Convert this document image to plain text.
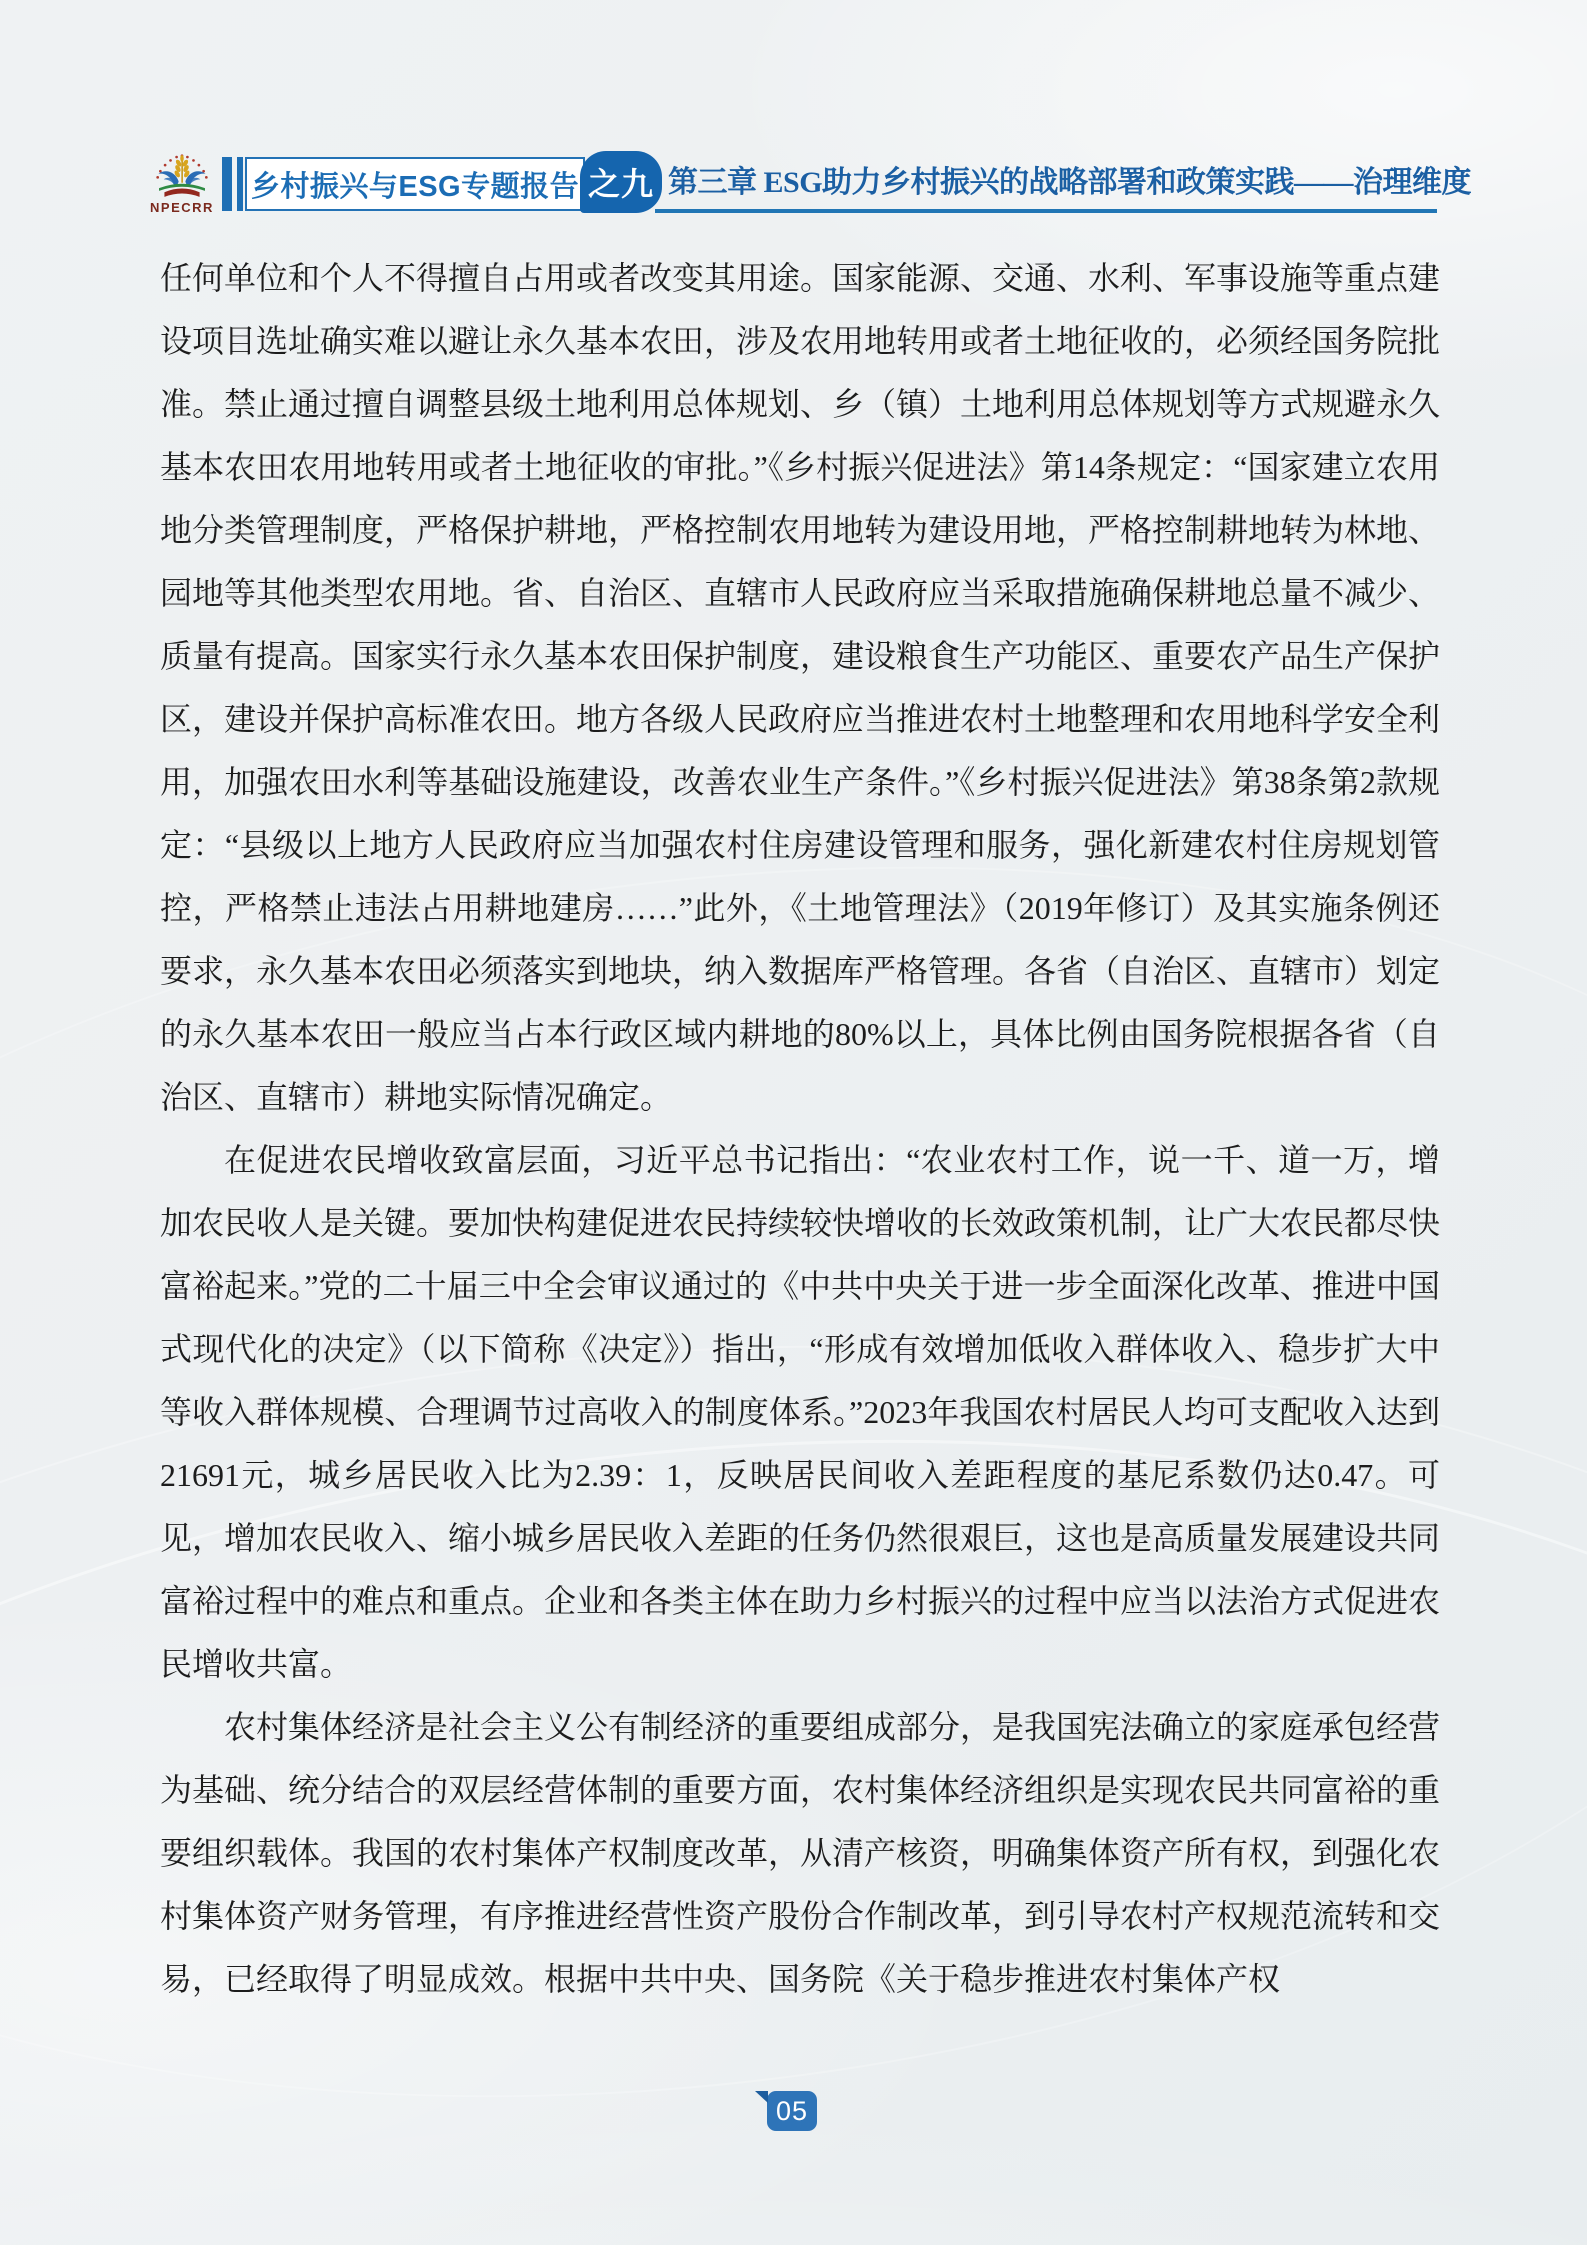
NPECRR
乡村振兴与ESG专题报告 之九 第三章 ESG助力乡村振兴的战略部署和政策实践——治理维度

任何单位和个人不得擅自占用或者改变其用途。国家能源、交通、水利、军事设施等重点建设项目选址确实难以避让永久基本农田，涉及农用地转用或者土地征收的，必须经国务院批准。禁止通过擅自调整县级土地利用总体规划、乡（镇）土地利用总体规划等方式规避永久基本农田农用地转用或者土地征收的审批。”《乡村振兴促进法》第14条规定：“国家建立农用地分类管理制度，严格保护耕地，严格控制农用地转为建设用地，严格控制耕地转为林地、园地等其他类型农用地。省、自治区、直辖市人民政府应当采取措施确保耕地总量不减少、质量有提高。国家实行永久基本农田保护制度，建设粮食生产功能区、重要农产品生产保护区，建设并保护高标准农田。地方各级人民政府应当推进农村土地整理和农用地科学安全利用，加强农田水利等基础设施建设，改善农业生产条件。”《乡村振兴促进法》第38条第2款规定：“县级以上地方人民政府应当加强农村住房建设管理和服务，强化新建农村住房规划管控，严格禁止违法占用耕地建房……”此外，《土地管理法》（2019年修订）及其实施条例还要求，永久基本农田必须落实到地块，纳入数据库严格管理。各省（自治区、直辖市）划定的永久基本农田一般应当占本行政区域内耕地的80%以上，具体比例由国务院根据各省（自治区、直辖市）耕地实际情况确定。

在促进农民增收致富层面，习近平总书记指出：“农业农村工作，说一千、道一万，增加农民收人是关键。要加快构建促进农民持续较快增收的长效政策机制，让广大农民都尽快富裕起来。”党的二十届三中全会审议通过的《中共中央关于进一步全面深化改革、推进中国式现代化的决定》（以下简称《决定》）指出，“形成有效增加低收入群体收入、稳步扩大中等收入群体规模、合理调节过高收入的制度体系。”2023年我国农村居民人均可支配收入达到21691元，城乡居民收入比为2.39：1，反映居民间收入差距程度的基尼系数仍达0.47。可见，增加农民收入、缩小城乡居民收入差距的任务仍然很艰巨，这也是高质量发展建设共同富裕过程中的难点和重点。企业和各类主体在助力乡村振兴的过程中应当以法治方式促进农民增收共富。

农村集体经济是社会主义公有制经济的重要组成部分，是我国宪法确立的家庭承包经营为基础、统分结合的双层经营体制的重要方面，农村集体经济组织是实现农民共同富裕的重要组织载体。我国的农村集体产权制度改革，从清产核资，明确集体资产所有权，到强化农村集体资产财务管理，有序推进经营性资产股份合作制改革，到引导农村产权规范流转和交易，已经取得了明显成效。根据中共中央、国务院《关于稳步推进农村集体产权

05
